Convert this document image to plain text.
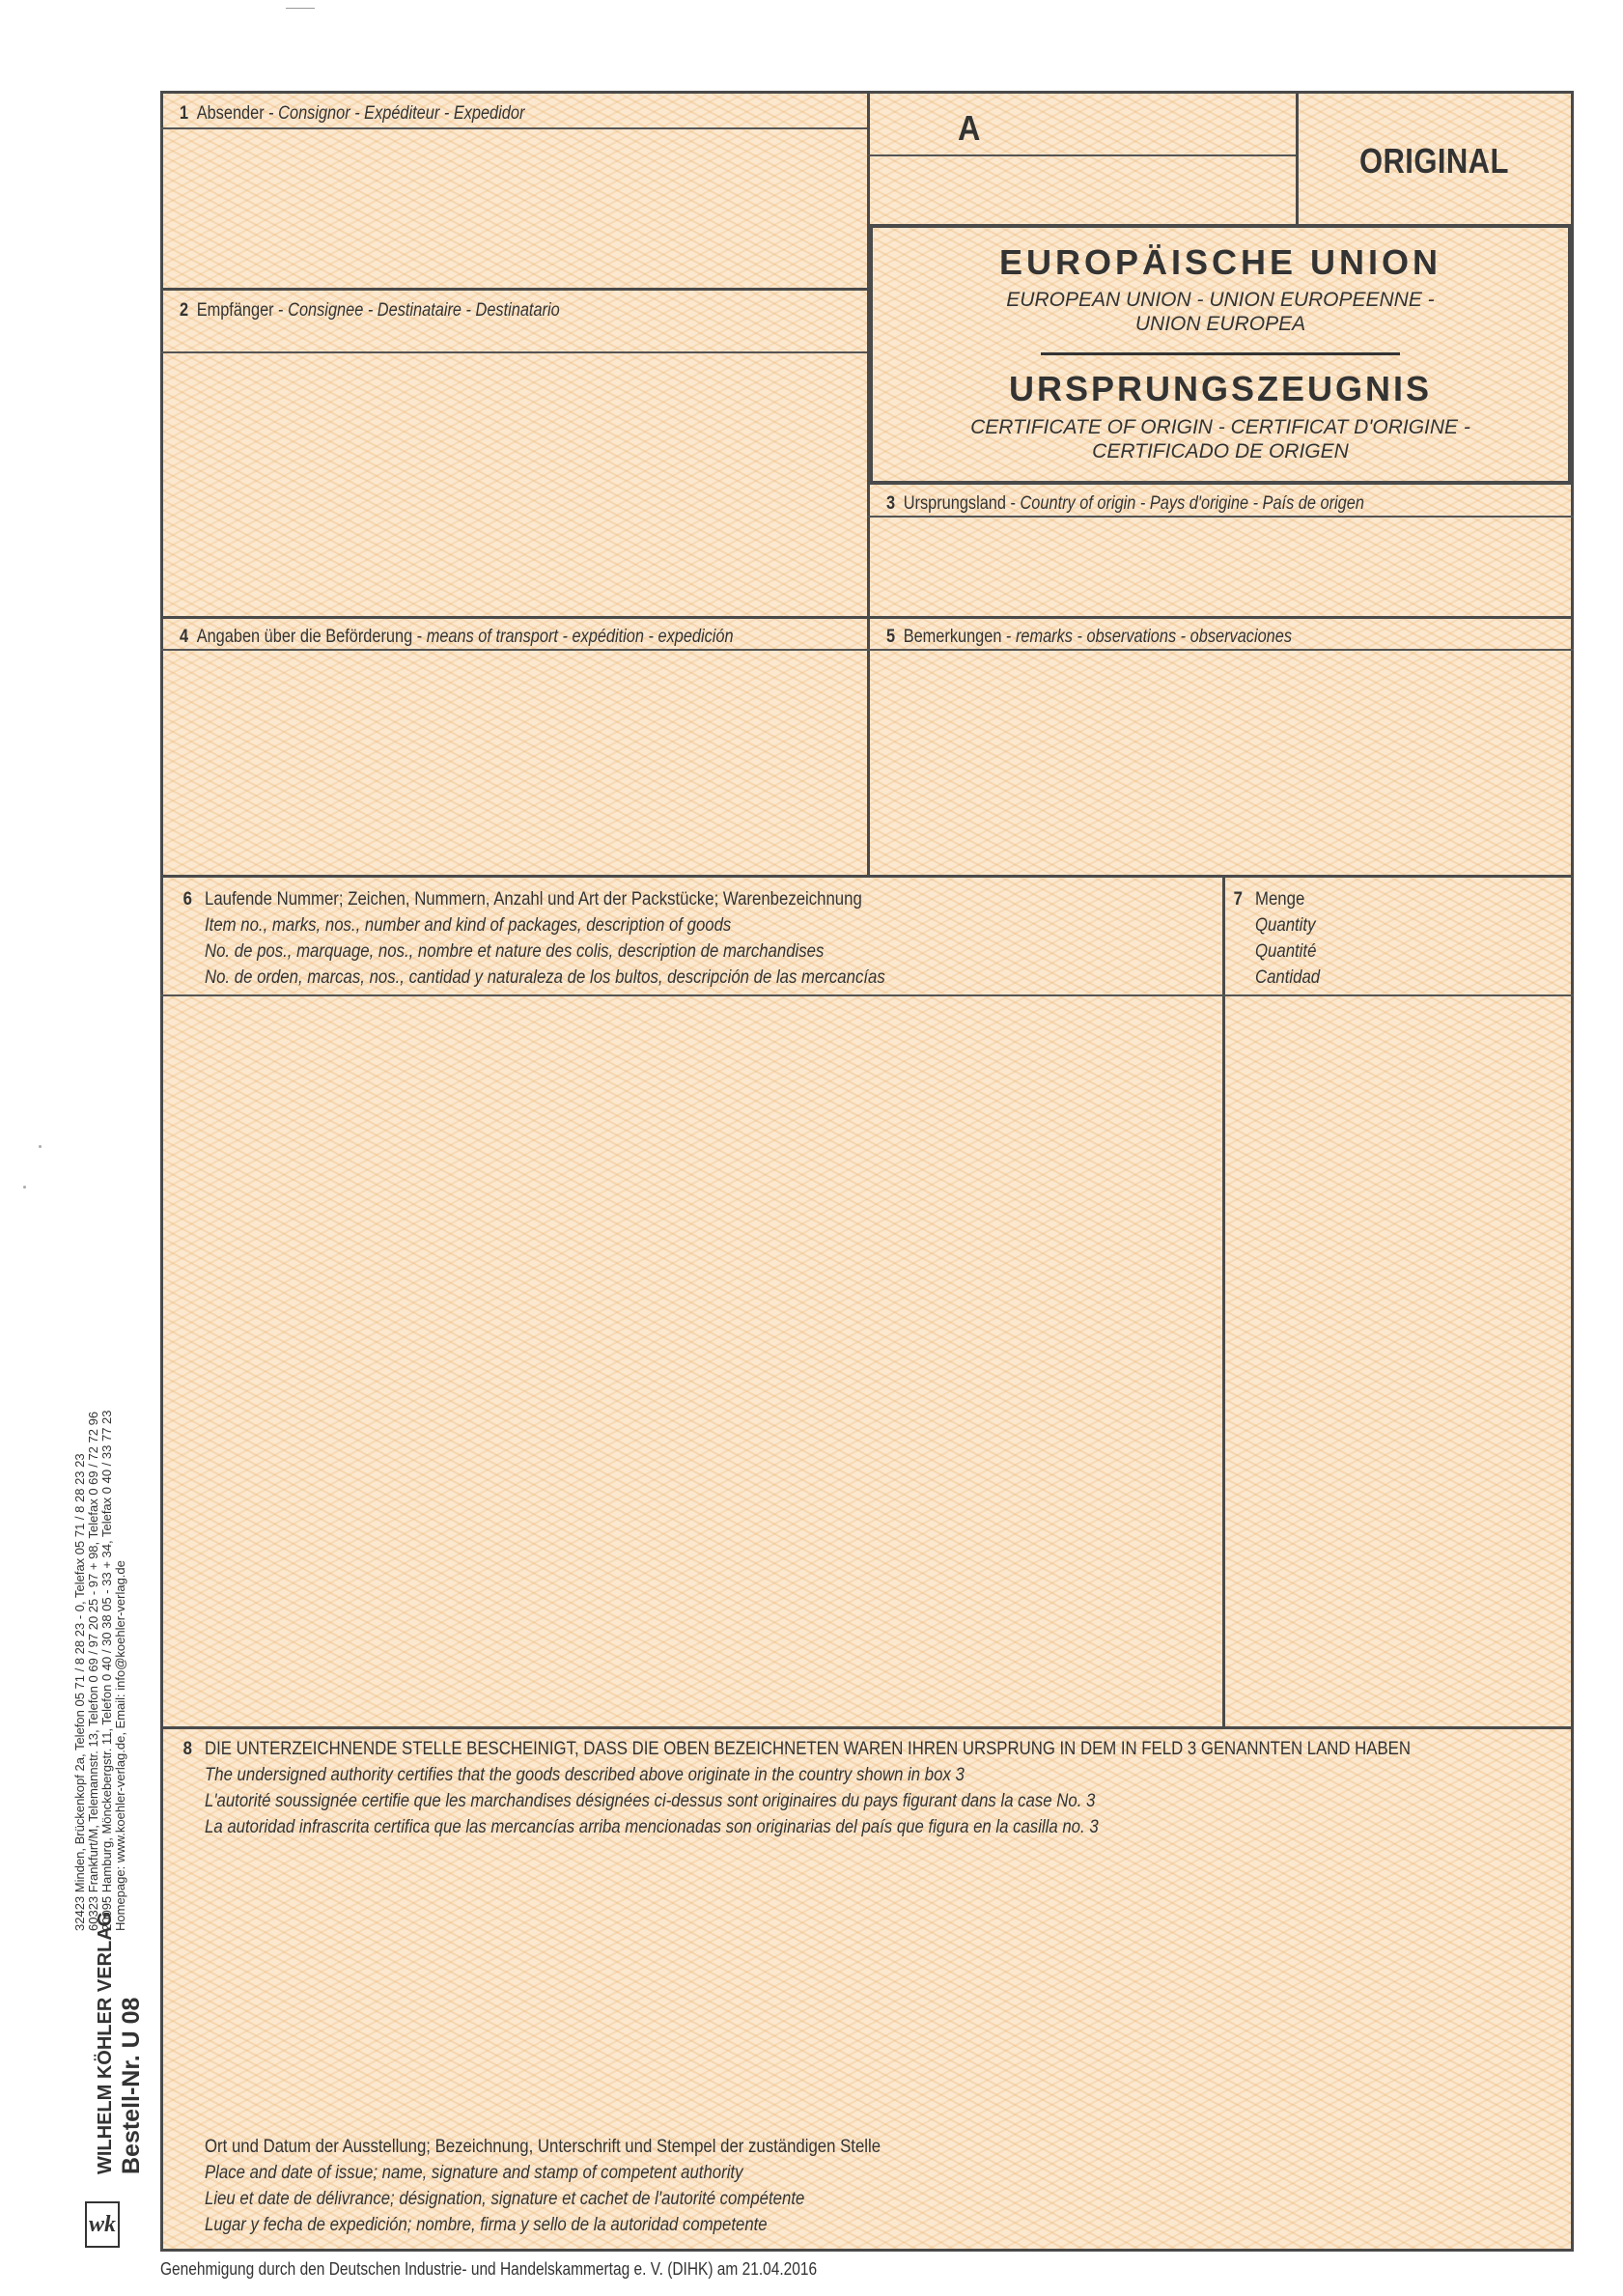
A
ORIGINAL
1 Absender - Consignor - Expéditeur - Expedidor
2 Empfänger - Consignee - Destinataire - Destinatario
EUROPÄISCHE UNION
EUROPEAN UNION - UNION EUROPEENNE -
UNION EUROPEA
URSPRUNGSZEUGNIS
CERTIFICATE OF ORIGIN - CERTIFICAT D'ORIGINE -
CERTIFICADO DE ORIGEN
3 Ursprungsland - Country of origin - Pays d'origine - País de origen
4 Angaben über die Beförderung - means of transport - expédition - expedición	5 Bemerkungen - remarks - observations - observaciones
6 Laufende Nummer; Zeichen, Nummern, Anzahl und Art der Packstücke; Warenbezeichnung
Item no., marks, nos., number and kind of packages, description of goods
No. de pos., marquage, nos., nombre et nature des colis, description de marchandises
No. de orden, marcas, nos., cantidad y naturaleza de los bultos, descripción de las mercancías
7 Menge
Quantity
Quantité
Cantidad
8 DIE UNTERZEICHNENDE STELLE BESCHEINIGT, DASS DIE OBEN BEZEICHNETEN WAREN IHREN URSPRUNG IN DEM IN FELD 3 GENANNTEN LAND HABEN
The undersigned authority certifies that the goods described above originate in the country shown in box 3
L'autorité soussignée certifie que les marchandises désignées ci-dessus sont originaires du pays figurant dans la case No. 3
La autoridad infrascrita certifica que las mercancías arriba mencionadas son originarias del país que figura en la casilla no. 3
Ort und Datum der Ausstellung; Bezeichnung, Unterschrift und Stempel der zuständigen Stelle
Place and date of issue; name, signature and stamp of competent authority
Lieu et date de délivrance; désignation, signature et cachet de l'autorité compétente
Lugar y fecha de expedición; nombre, firma y sello de la autoridad competente
WILHELM KÖHLER VERLAG Bestell-Nr. U 08
32423 Minden, Brückenkopf 2a, Telefon 05 71 / 8 28 23 - 0, Telefax 05 71 / 8 28 23 23 60323 Frankfurt/M, Telemannstr. 13, Telefon 0 69 / 97 20 25 - 97 + 98, Telefax 0 69 / 72 72 96 20095 Hamburg, Mönckebergstr. 11, Telefon 0 40 / 30 38 05 - 33 + 34, Telefax 0 40 / 33 77 23 Homepage: www.koehler-verlag.de, Email: info@koehler-verlag.de
wk
Genehmigung durch den Deutschen Industrie- und Handelskammertag e. V. (DIHK) am 21.04.2016
